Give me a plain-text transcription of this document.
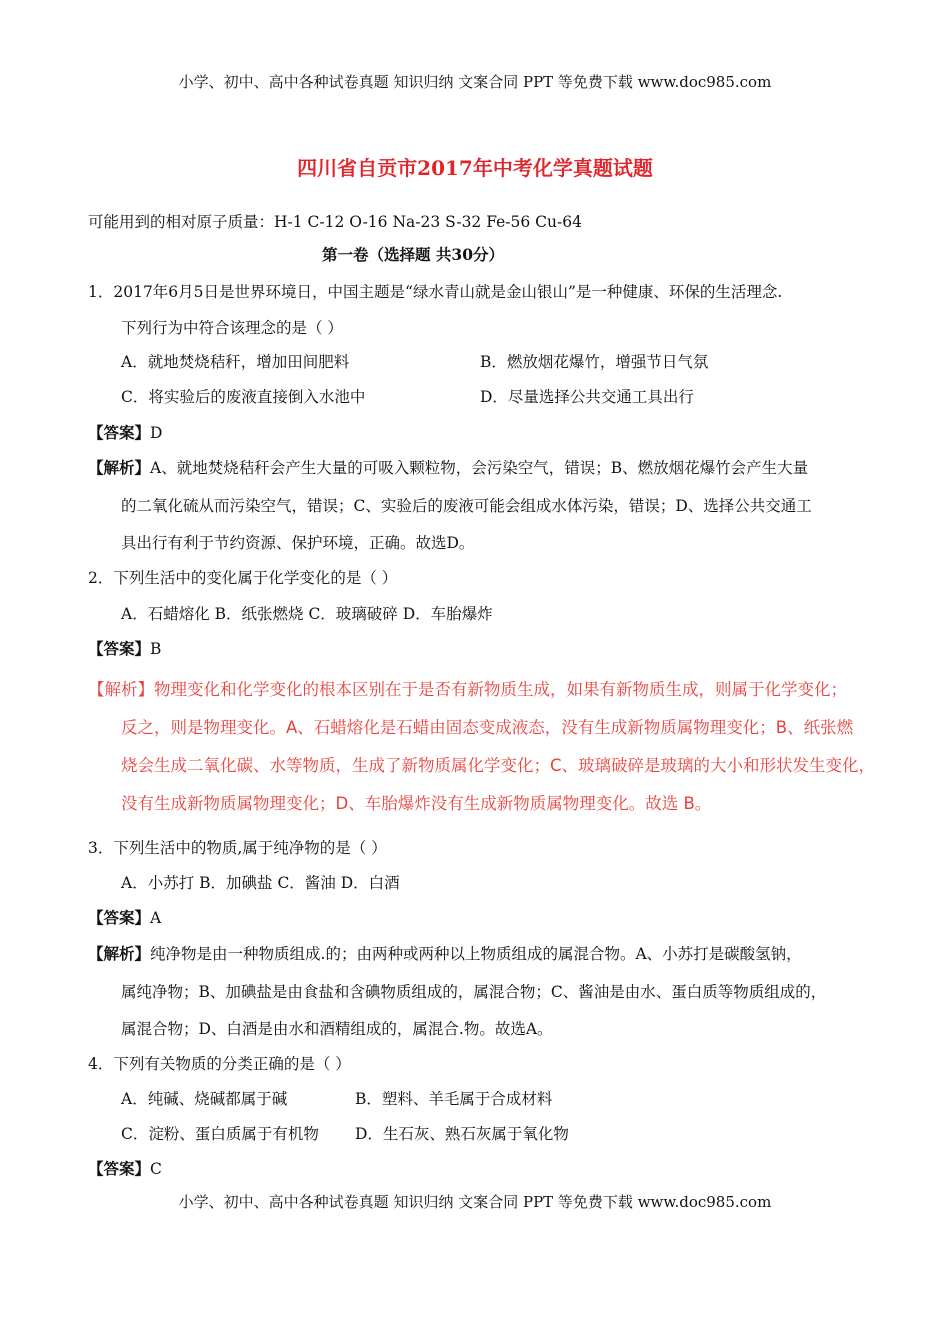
小学、初中、高中各种试卷真题 知识归纳 文案合同 PPT 等免费下载 www.doc985.com
四川省自贡市2017年中考化学真题试题
可能用到的相对原子质量：H-1 C-12 O-16 Na-23 S-32 Fe-56 Cu-64
第一卷（选择题 共30分）
1．2017年6月5日是世界环境日，中国主题是“绿水青山就是金山银山”是一种健康、环保的生活理念.
下列行为中符合该理念的是（ ）
A．就地焚烧秸秆，增加田间肥料	B．燃放烟花爆竹，增强节日气氛
C．将实验后的废液直接倒入水池中	D．尽量选择公共交通工具出行
【答案】D
【解析】A、就地焚烧秸秆会产生大量的可吸入颗粒物，会污染空气，错误；B、燃放烟花爆竹会产生大量
的二氧化硫从而污染空气，错误；C、实验后的废液可能会组成水体污染，错误；D、选择公共交通工
具出行有利于节约资源、保护环境，正确。故选D。
2．下列生活中的变化属于化学变化的是（ ）
A．石蜡熔化 B．纸张燃烧 C．玻璃破碎 D．车胎爆炸
【答案】B
【解析】物理变化和化学变化的根本区别在于是否有新物质生成，如果有新物质生成，则属于化学变化；
反之，则是物理变化。A、石蜡熔化是石蜡由固态变成液态，没有生成新物质属物理变化；B、纸张燃
烧会生成二氧化碳、水等物质，生成了新物质属化学变化；C、玻璃破碎是玻璃的大小和形状发生变化，
没有生成新物质属物理变化；D、车胎爆炸没有生成新物质属物理变化。故选 B。
3．下列生活中的物质,属于纯净物的是（ ）
A．小苏打 B．加碘盐 C．酱油 D．白酒
【答案】A
【解析】纯净物是由一种物质组成.的；由两种或两种以上物质组成的属混合物。A、小苏打是碳酸氢钠，
属纯净物；B、加碘盐是由食盐和含碘物质组成的，属混合物；C、酱油是由水、蛋白质等物质组成的，
属混合物；D、白酒是由水和酒精组成的，属混合.物。故选A。
4．下列有关物质的分类正确的是（ ）
A．纯碱、烧碱都属于碱	B．塑料、羊毛属于合成材料
C．淀粉、蛋白质属于有机物 D．生石灰、熟石灰属于氧化物
【答案】C
小学、初中、高中各种试卷真题 知识归纳 文案合同 PPT 等免费下载 www.doc985.com
